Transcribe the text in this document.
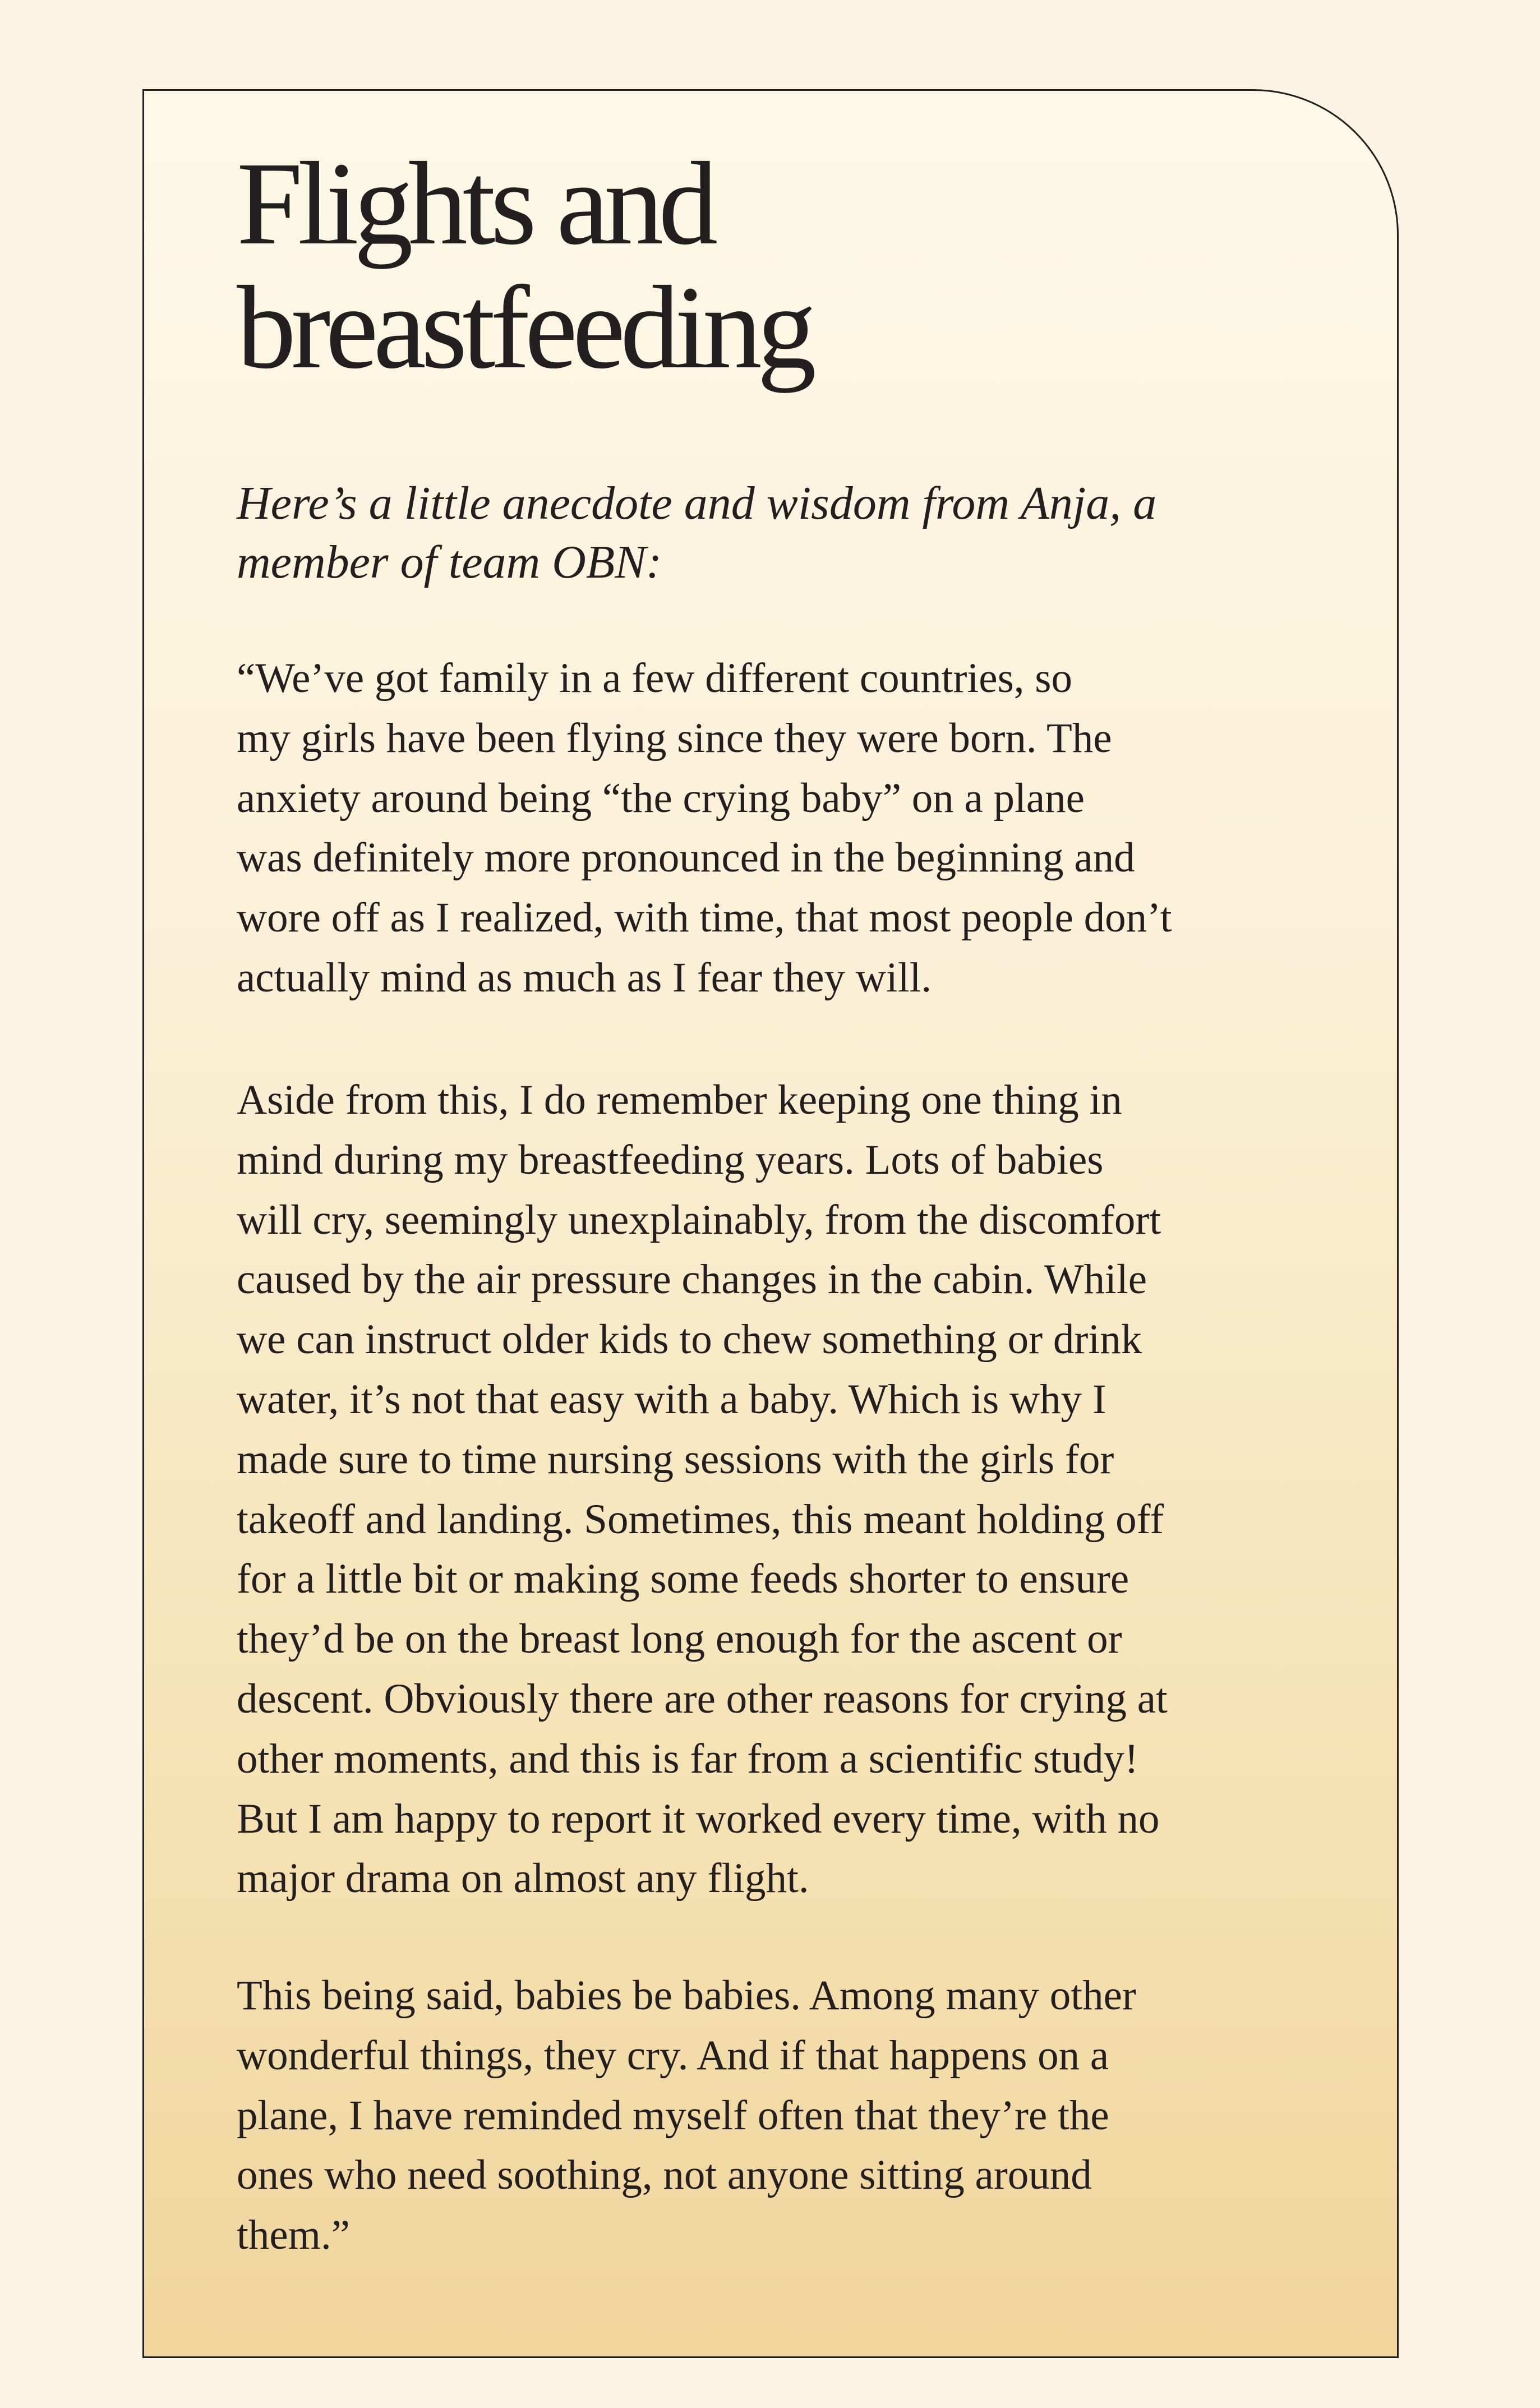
Flights and
breastfeeding

Here’s a little anecdote and wisdom from Anja, a
member of team OBN:

“We’ve got family in a few different countries, so
my girls have been flying since they were born. The
anxiety around being “the crying baby” on a plane
was definitely more pronounced in the beginning and
wore off as I realized, with time, that most people don’t
actually mind as much as I fear they will.

Aside from this, I do remember keeping one thing in
mind during my breastfeeding years. Lots of babies
will cry, seemingly unexplainably, from the discomfort
caused by the air pressure changes in the cabin. While
we can instruct older kids to chew something or drink
water, it’s not that easy with a baby. Which is why I
made sure to time nursing sessions with the girls for
takeoff and landing. Sometimes, this meant holding off
for a little bit or making some feeds shorter to ensure
they’d be on the breast long enough for the ascent or
descent. Obviously there are other reasons for crying at
other moments, and this is far from a scientific study!
But I am happy to report it worked every time, with no
major drama on almost any flight.

This being said, babies be babies. Among many other
wonderful things, they cry. And if that happens on a
plane, I have reminded myself often that they’re the
ones who need soothing, not anyone sitting around
them.”
